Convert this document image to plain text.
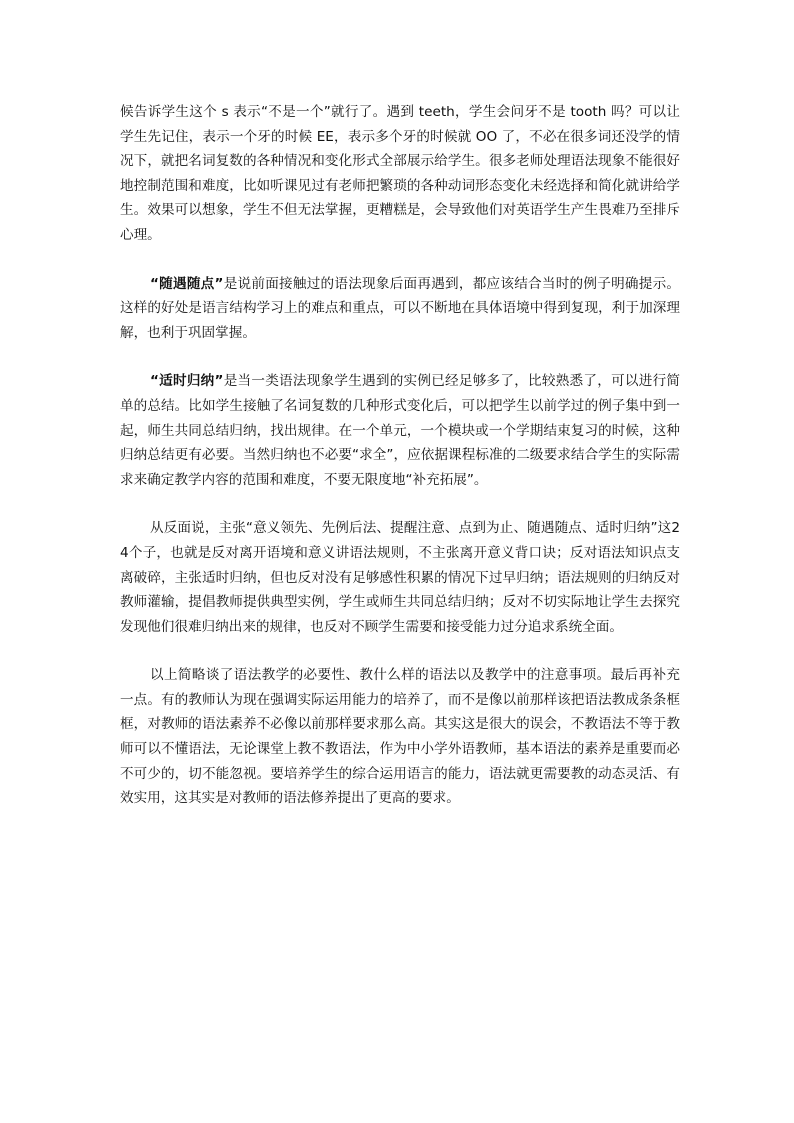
候告诉学生这个 s 表示“不是一个”就行了。遇到 teeth，学生会问牙不是 tooth 吗？可以让学生先记住，表示一个牙的时候 EE，表示多个牙的时候就 OO 了，不必在很多词还没学的情况下，就把名词复数的各种情况和变化形式全部展示给学生。很多老师处理语法现象不能很好地控制范围和难度，比如听课见过有老师把繁琐的各种动词形态变化未经选择和简化就讲给学生。效果可以想象，学生不但无法掌握，更糟糕是，会导致他们对英语学生产生畏难乃至排斥心理。

“随遇随点”是说前面接触过的语法现象后面再遇到，都应该结合当时的例子明确提示。这样的好处是语言结构学习上的难点和重点，可以不断地在具体语境中得到复现，利于加深理解，也利于巩固掌握。

“适时归纳”是当一类语法现象学生遇到的实例已经足够多了，比较熟悉了，可以进行简单的总结。比如学生接触了名词复数的几种形式变化后，可以把学生以前学过的例子集中到一起，师生共同总结归纳，找出规律。在一个单元，一个模块或一个学期结束复习的时候，这种归纳总结更有必要。当然归纳也不必要“求全”，应依据课程标准的二级要求结合学生的实际需求来确定教学内容的范围和难度，不要无限度地“补充拓展”。

从反面说，主张“意义领先、先例后法、提醒注意、点到为止、随遇随点、适时归纳”这24个子，也就是反对离开语境和意义讲语法规则，不主张离开意义背口诀；反对语法知识点支离破碎，主张适时归纳，但也反对没有足够感性积累的情况下过早归纳；语法规则的归纳反对教师灌输，提倡教师提供典型实例，学生或师生共同总结归纳；反对不切实际地让学生去探究发现他们很难归纳出来的规律，也反对不顾学生需要和接受能力过分追求系统全面。

以上简略谈了语法教学的必要性、教什么样的语法以及教学中的注意事项。最后再补充一点。有的教师认为现在强调实际运用能力的培养了，而不是像以前那样该把语法教成条条框框，对教师的语法素养不必像以前那样要求那么高。其实这是很大的误会，不教语法不等于教师可以不懂语法，无论课堂上教不教语法，作为中小学外语教师，基本语法的素养是重要而必不可少的，切不能忽视。要培养学生的综合运用语言的能力，语法就更需要教的动态灵活、有效实用，这其实是对教师的语法修养提出了更高的要求。
